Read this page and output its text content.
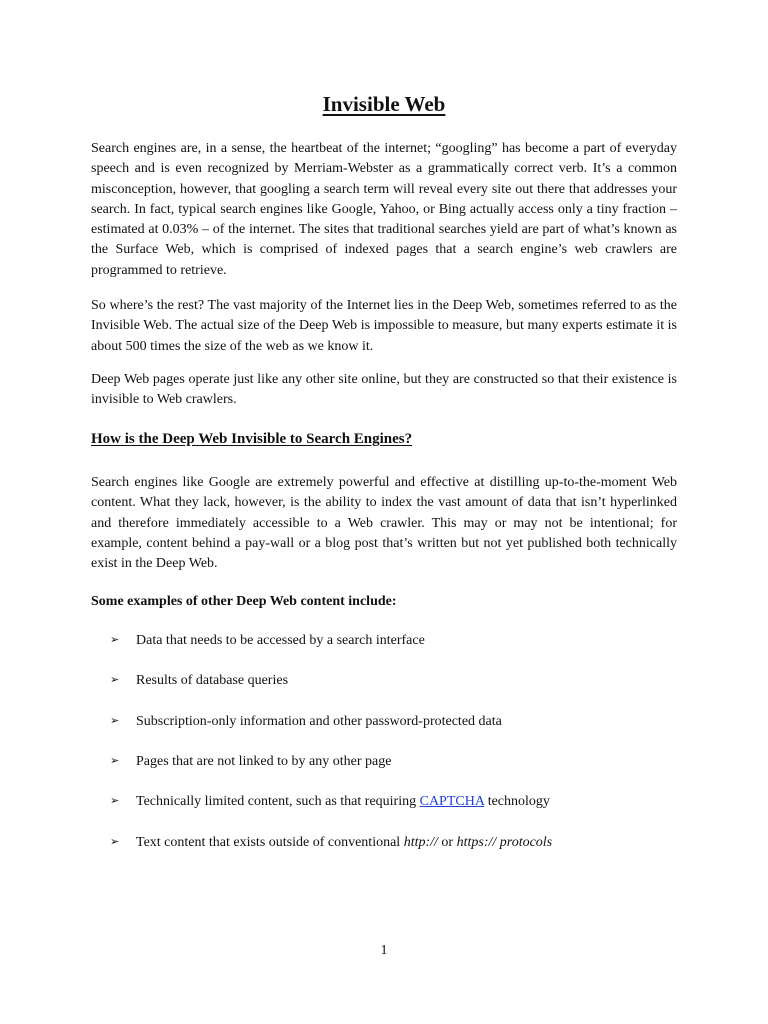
Invisible Web

Search engines are, in a sense, the heartbeat of the internet; “googling” has become a part of everyday speech and is even recognized by Merriam-Webster as a grammatically correct verb. It’s a common misconception, however, that googling a search term will reveal every site out there that addresses your search. In fact, typical search engines like Google, Yahoo, or Bing actually access only a tiny fraction – estimated at 0.03% – of the internet. The sites that traditional searches yield are part of what’s known as the Surface Web, which is comprised of indexed pages that a search engine’s web crawlers are programmed to retrieve.

So where’s the rest? The vast majority of the Internet lies in the Deep Web, sometimes referred to as the Invisible Web. The actual size of the Deep Web is impossible to measure, but many experts estimate it is about 500 times the size of the web as we know it.

Deep Web pages operate just like any other site online, but they are constructed so that their existence is invisible to Web crawlers.

How is the Deep Web Invisible to Search Engines?

Search engines like Google are extremely powerful and effective at distilling up-to-the-moment Web content. What they lack, however, is the ability to index the vast amount of data that isn’t hyperlinked and therefore immediately accessible to a Web crawler. This may or may not be intentional; for example, content behind a pay-wall or a blog post that’s written but not yet published both technically exist in the Deep Web.

Some examples of other Deep Web content include:

➢ Data that needs to be accessed by a search interface
➢ Results of database queries
➢ Subscription-only information and other password-protected data
➢ Pages that are not linked to by any other page
➢ Technically limited content, such as that requiring CAPTCHA technology
➢ Text content that exists outside of conventional http:// or https:// protocols

1
